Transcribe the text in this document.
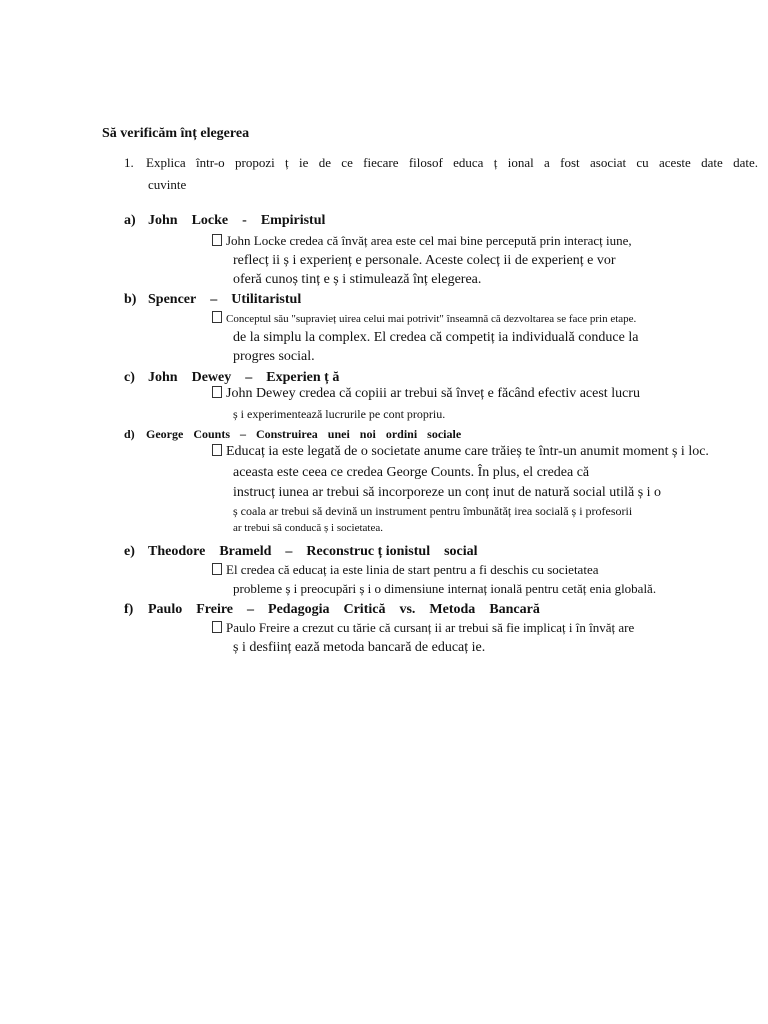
Să verificăm înț elegerea
1. Explica într-o propozi ț ie de ce fiecare filosof educa ț ional a fost asociat cu aceste date date.
cuvinte
a) John Locke - Empiristul
John Locke credea că învăț area este cel mai bine percepută prin interacț iune,
reflecț ii ș i experienț e personale. Aceste colecț ii de experienț e vor
oferă cunoș tinț e ș i stimulează înț elegerea.
b) Spencer – Utilitaristul
Conceptul său "supravieț uirea celui mai potrivit" înseamnă că dezvoltarea se face prin etape.
de la simplu la complex. El credea că competiț ia individuală conduce la
progres social.
c) John Dewey – Experien ț ă
John Dewey credea că copiii ar trebui să înveț e făcând efectiv acest lucru
ș i experimentează lucrurile pe cont propriu.
d) George Counts – Construirea unei noi ordini sociale
Educaț ia este legată de o societate anume care trăieș te într-un anumit moment ș i loc.
aceasta este ceea ce credea George Counts. În plus, el credea că
instrucț iunea ar trebui să incorporeze un conț inut de natură social utilă ș i o
ș coala ar trebui să devină un instrument pentru îmbunătăț irea socială ș i profesorii
ar trebui să conducă ș i societatea.
e) Theodore Brameld – Reconstruc ț ionistul social
El credea că educaț ia este linia de start pentru a fi deschis cu societatea
probleme ș i preocupări ș i o dimensiune internaț ională pentru cetăț enia globală.
f) Paulo Freire – Pedagogia Critică vs. Metoda Bancară
Paulo Freire a crezut cu tărie că cursanț ii ar trebui să fie implicaț i în învăț are
ș i desființ ează metoda bancară de educaț ie.
